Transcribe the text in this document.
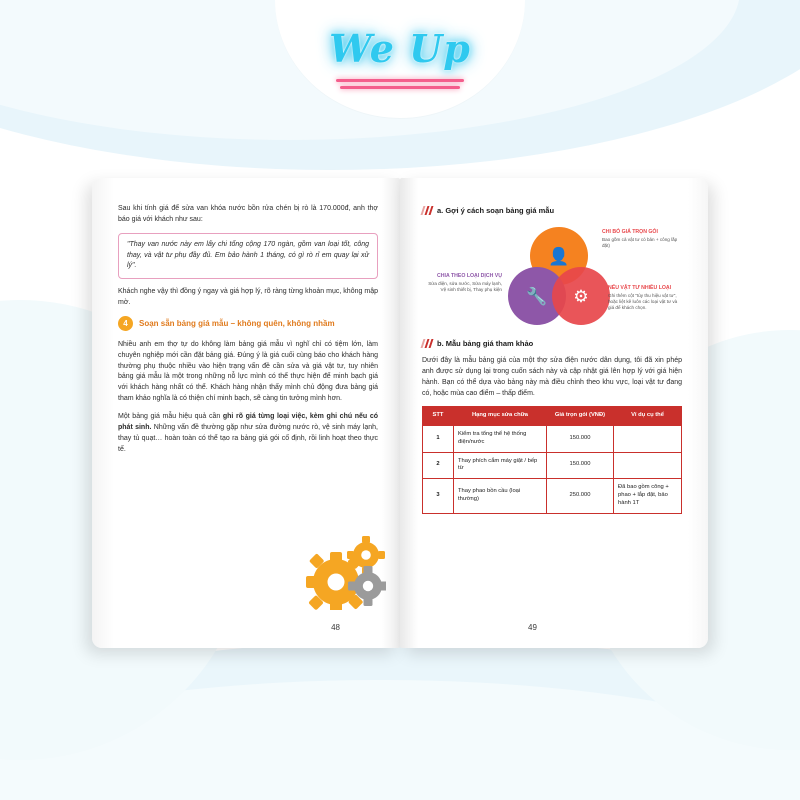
We Up

Sau khi tính giá để sửa van khóa nước bồn rửa chén bị rò là 170.000đ, anh thợ báo giá với khách như sau:

"Thay van nước này em lấy chi tổng cộng 170 ngàn, gồm van loại tốt, công thay, và vật tư phụ đầy đủ. Em bảo hành 1 tháng, có gì rò rỉ em quay lại xử lý".

Khách nghe vậy thì đồng ý ngay và giá hợp lý, rõ ràng từng khoản mục, không mập mờ.

4	Soạn sẵn bảng giá mẫu – không quên, không nhầm

Nhiều anh em thợ tự do không làm bảng giá mẫu vì nghĩ chỉ có tiệm lớn, làm chuyên nghiệp mới cần đặt bảng giá. Đúng ý là giá cuối cùng báo cho khách hàng thường phụ thuộc nhiều vào hiện trạng vấn đề cần sửa và giá vật tư, tuy nhiên bảng giá mẫu là một trong những nỗ lực mình có thể thực hiện để minh bạch giá với khách hàng nhất có thể. Khách hàng nhận thấy mình chủ động đưa bảng giá tham khảo nghĩa là có thiện chí minh bạch, sẽ càng tin tưởng mình hơn.

Một bảng giá mẫu hiệu quả cần ghi rõ giá từng loại việc, kèm ghi chú nếu có phát sinh. Những vấn đề thường gặp như sửa đường nước rò, vệ sinh máy lạnh, thay tủ quạt… hoàn toàn có thể tạo ra bảng giá gói cố định, rồi linh hoạt theo thực tế.

48
a. Gợi ý cách soạn bảng giá mẫu
👤
🔧 ⚙
CHI BÓ GIÁ TRỌN GÓI
Bao gồm cả vật tư có bản + công lắp đặt)
CHIA THEO LOẠI DỊCH VỤ
Sửa điện, sửa nước, Sửa máy lạnh, Vệ sinh thiết bị, Thay phụ kiện	NẾU VẬT TƯ NHIỀU LOẠI
Ghi thêm cột "tùy thu hiệu vật tư", hoặc liệt kê luôn các loại vật tư và giá để khách chọn.
b. Mẫu bảng giá tham khảo

Dưới đây là mẫu bảng giá của một thợ sửa điện nước dân dụng, tôi đã xin phép anh được sử dụng lại trong cuốn sách này và cập nhật giá lên hợp lý với giá hiện hành. Bạn có thể dựa vào bảng này mà điều chỉnh theo khu vực, loại vật tư đang có, hoặc mùa cao điểm – thấp điểm.

STT	Hạng mục sửa chữa	Giá trọn gói (VNĐ)	Ví dụ cụ thể
1	Kiểm tra tổng thể hệ thống điện/nước	150.000	
2	Thay phích cắm máy giặt / bếp từ	150.000	
3	Thay phao bồn cầu (loại thường)	250.000	Đã bao gồm công + phao + lắp đặt, bảo hành 1T
49
